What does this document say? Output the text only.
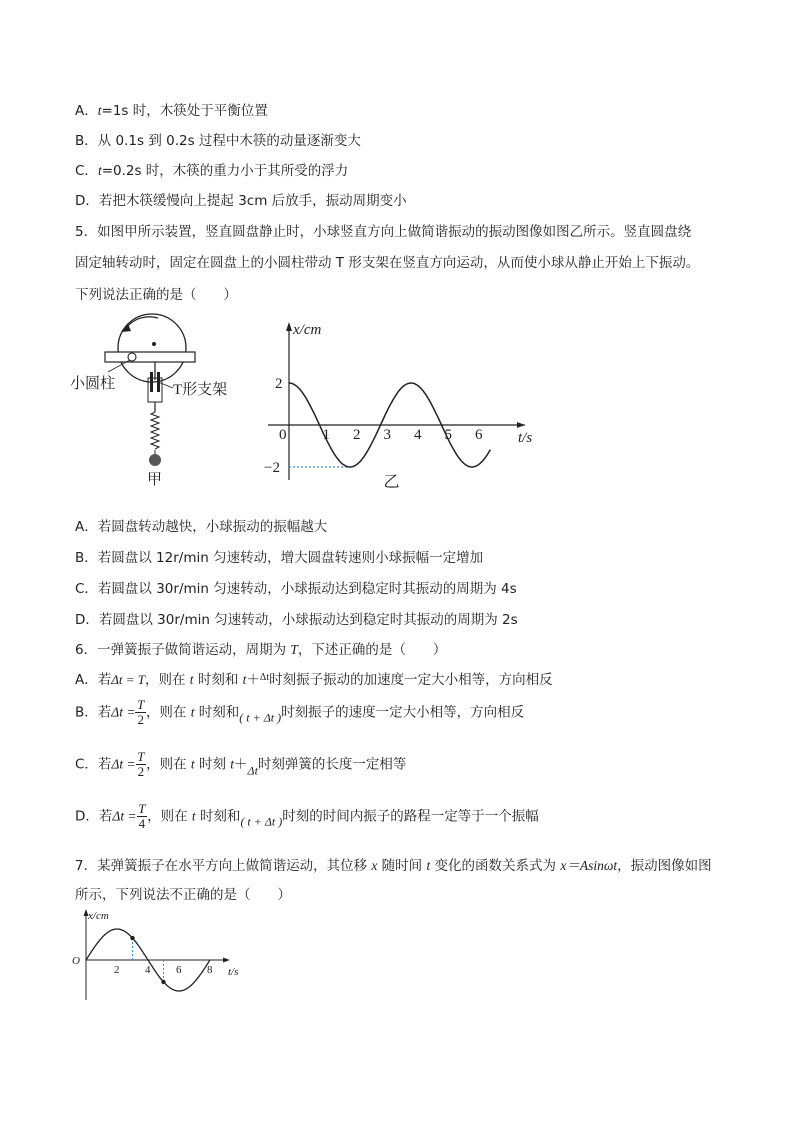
A．t=1s 时，木筷处于平衡位置
B．从 0.1s 到 0.2s 过程中木筷的动量逐渐变大
C．t=0.2s 时，木筷的重力小于其所受的浮力
D．若把木筷缓慢向上提起 3cm 后放手，振动周期变小
5．如图甲所示装置，竖直圆盘静止时，小球竖直方向上做简谐振动的振动图像如图乙所示。竖直圆盘绕
固定轴转动时，固定在圆盘上的小圆柱带动 T 形支架在竖直方向运动，从而使小球从静止开始上下振动。
下列说法正确的是（　　）
小圆柱	T形支架
甲
x/cm
t/s
0 1 2 3 4 5 6
2
−2
乙
A．若圆盘转动越快，小球振动的振幅越大
B．若圆盘以 12r/min 匀速转动，增大圆盘转速则小球振幅一定增加
C．若圆盘以 30r/min 匀速转动，小球振动达到稳定时其振动的周期为 4s
D．若圆盘以 30r/min 匀速转动，小球振动达到稳定时其振动的周期为 2s
6．一弹簧振子做简谐运动，周期为 T，下述正确的是（　　）
A．若Δt = T，则在 t 时刻和 t＋$^{\Delta t}$时刻振子振动的加速度一定大小相等，方向相反
B．若$\Delta t = \frac{T}{2}$ ，则在 t 时刻和( t + Δt )时刻振子的速度一定大小相等，方向相反
C．若$\Delta t = \frac{T}{2}$ ，则在 t 时刻 t＋Δt时刻弹簧的长度一定相等
D．若$\Delta t = \frac{T}{4}$ ，则在 t 时刻和( t + Δt )时刻的时间内振子的路程一定等于一个振幅
7．某弹簧振子在水平方向上做简谐运动，其位移 x 随时间 t 变化的函数关系式为 x＝Asinωt，振动图像如图
所示，下列说法不正确的是（　　）
x/cm
t/s
O
2 4 6 8
